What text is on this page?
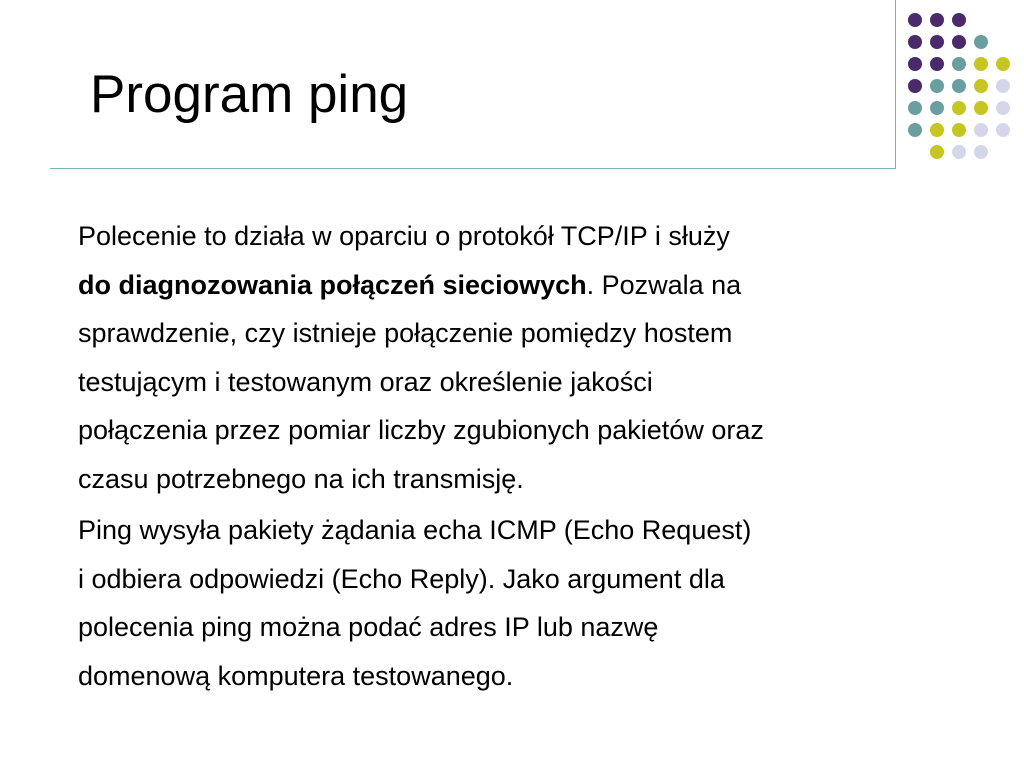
Program ping

Polecenie to działa w oparciu o protokół TCP/IP i służy
do diagnozowania połączeń sieciowych. Pozwala na
sprawdzenie, czy istnieje połączenie pomiędzy hostem
testującym i testowanym oraz określenie jakości
połączenia przez pomiar liczby zgubionych pakietów oraz
czasu potrzebnego na ich transmisję.

Ping wysyła pakiety żądania echa ICMP (Echo Request)
i odbiera odpowiedzi (Echo Reply). Jako argument dla
polecenia ping można podać adres IP lub nazwę
domenową komputera testowanego.
